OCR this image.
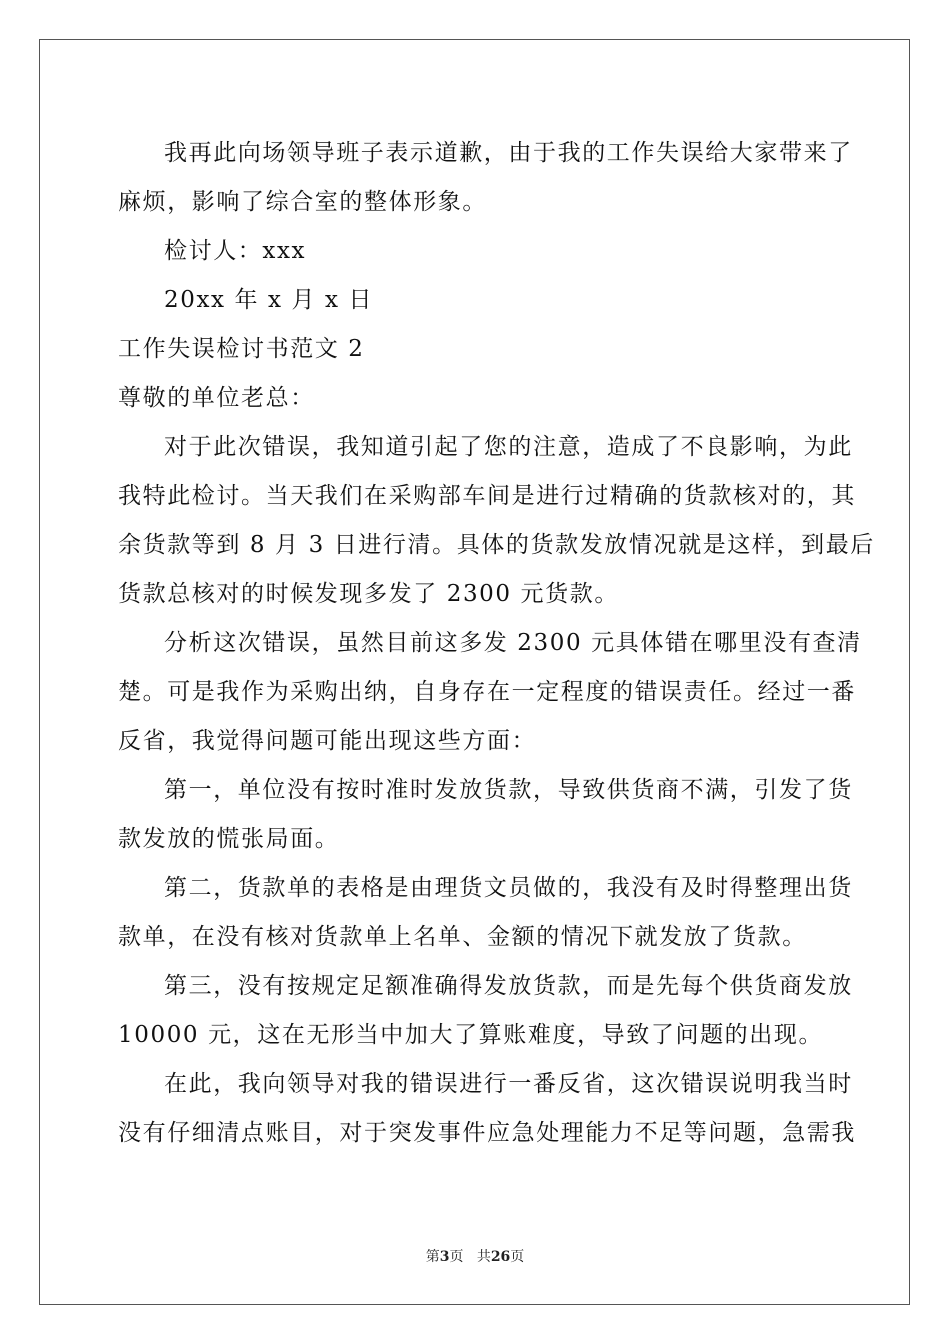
我再此向场领导班子表示道歉，由于我的工作失误给大家带来了

麻烦，影响了综合室的整体形象。

检讨人：xxx

20xx 年 x 月 x 日

工作失误检讨书范文 2

尊敬的单位老总：

对于此次错误，我知道引起了您的注意，造成了不良影响，为此

我特此检讨。当天我们在采购部车间是进行过精确的货款核对的，其

余货款等到 8 月 3 日进行清。具体的货款发放情况就是这样，到最后

货款总核对的时候发现多发了 2300 元货款。

分析这次错误，虽然目前这多发 2300 元具体错在哪里没有查清

楚。可是我作为采购出纳，自身存在一定程度的错误责任。经过一番

反省，我觉得问题可能出现这些方面：

第一，单位没有按时准时发放货款，导致供货商不满，引发了货

款发放的慌张局面。

第二，货款单的表格是由理货文员做的，我没有及时得整理出货

款单，在没有核对货款单上名单、金额的情况下就发放了货款。

第三，没有按规定足额准确得发放货款，而是先每个供货商发放

10000 元，这在无形当中加大了算账难度，导致了问题的出现。

在此，我向领导对我的错误进行一番反省，这次错误说明我当时

没有仔细清点账目，对于突发事件应急处理能力不足等问题，急需我

第3页 共26页
